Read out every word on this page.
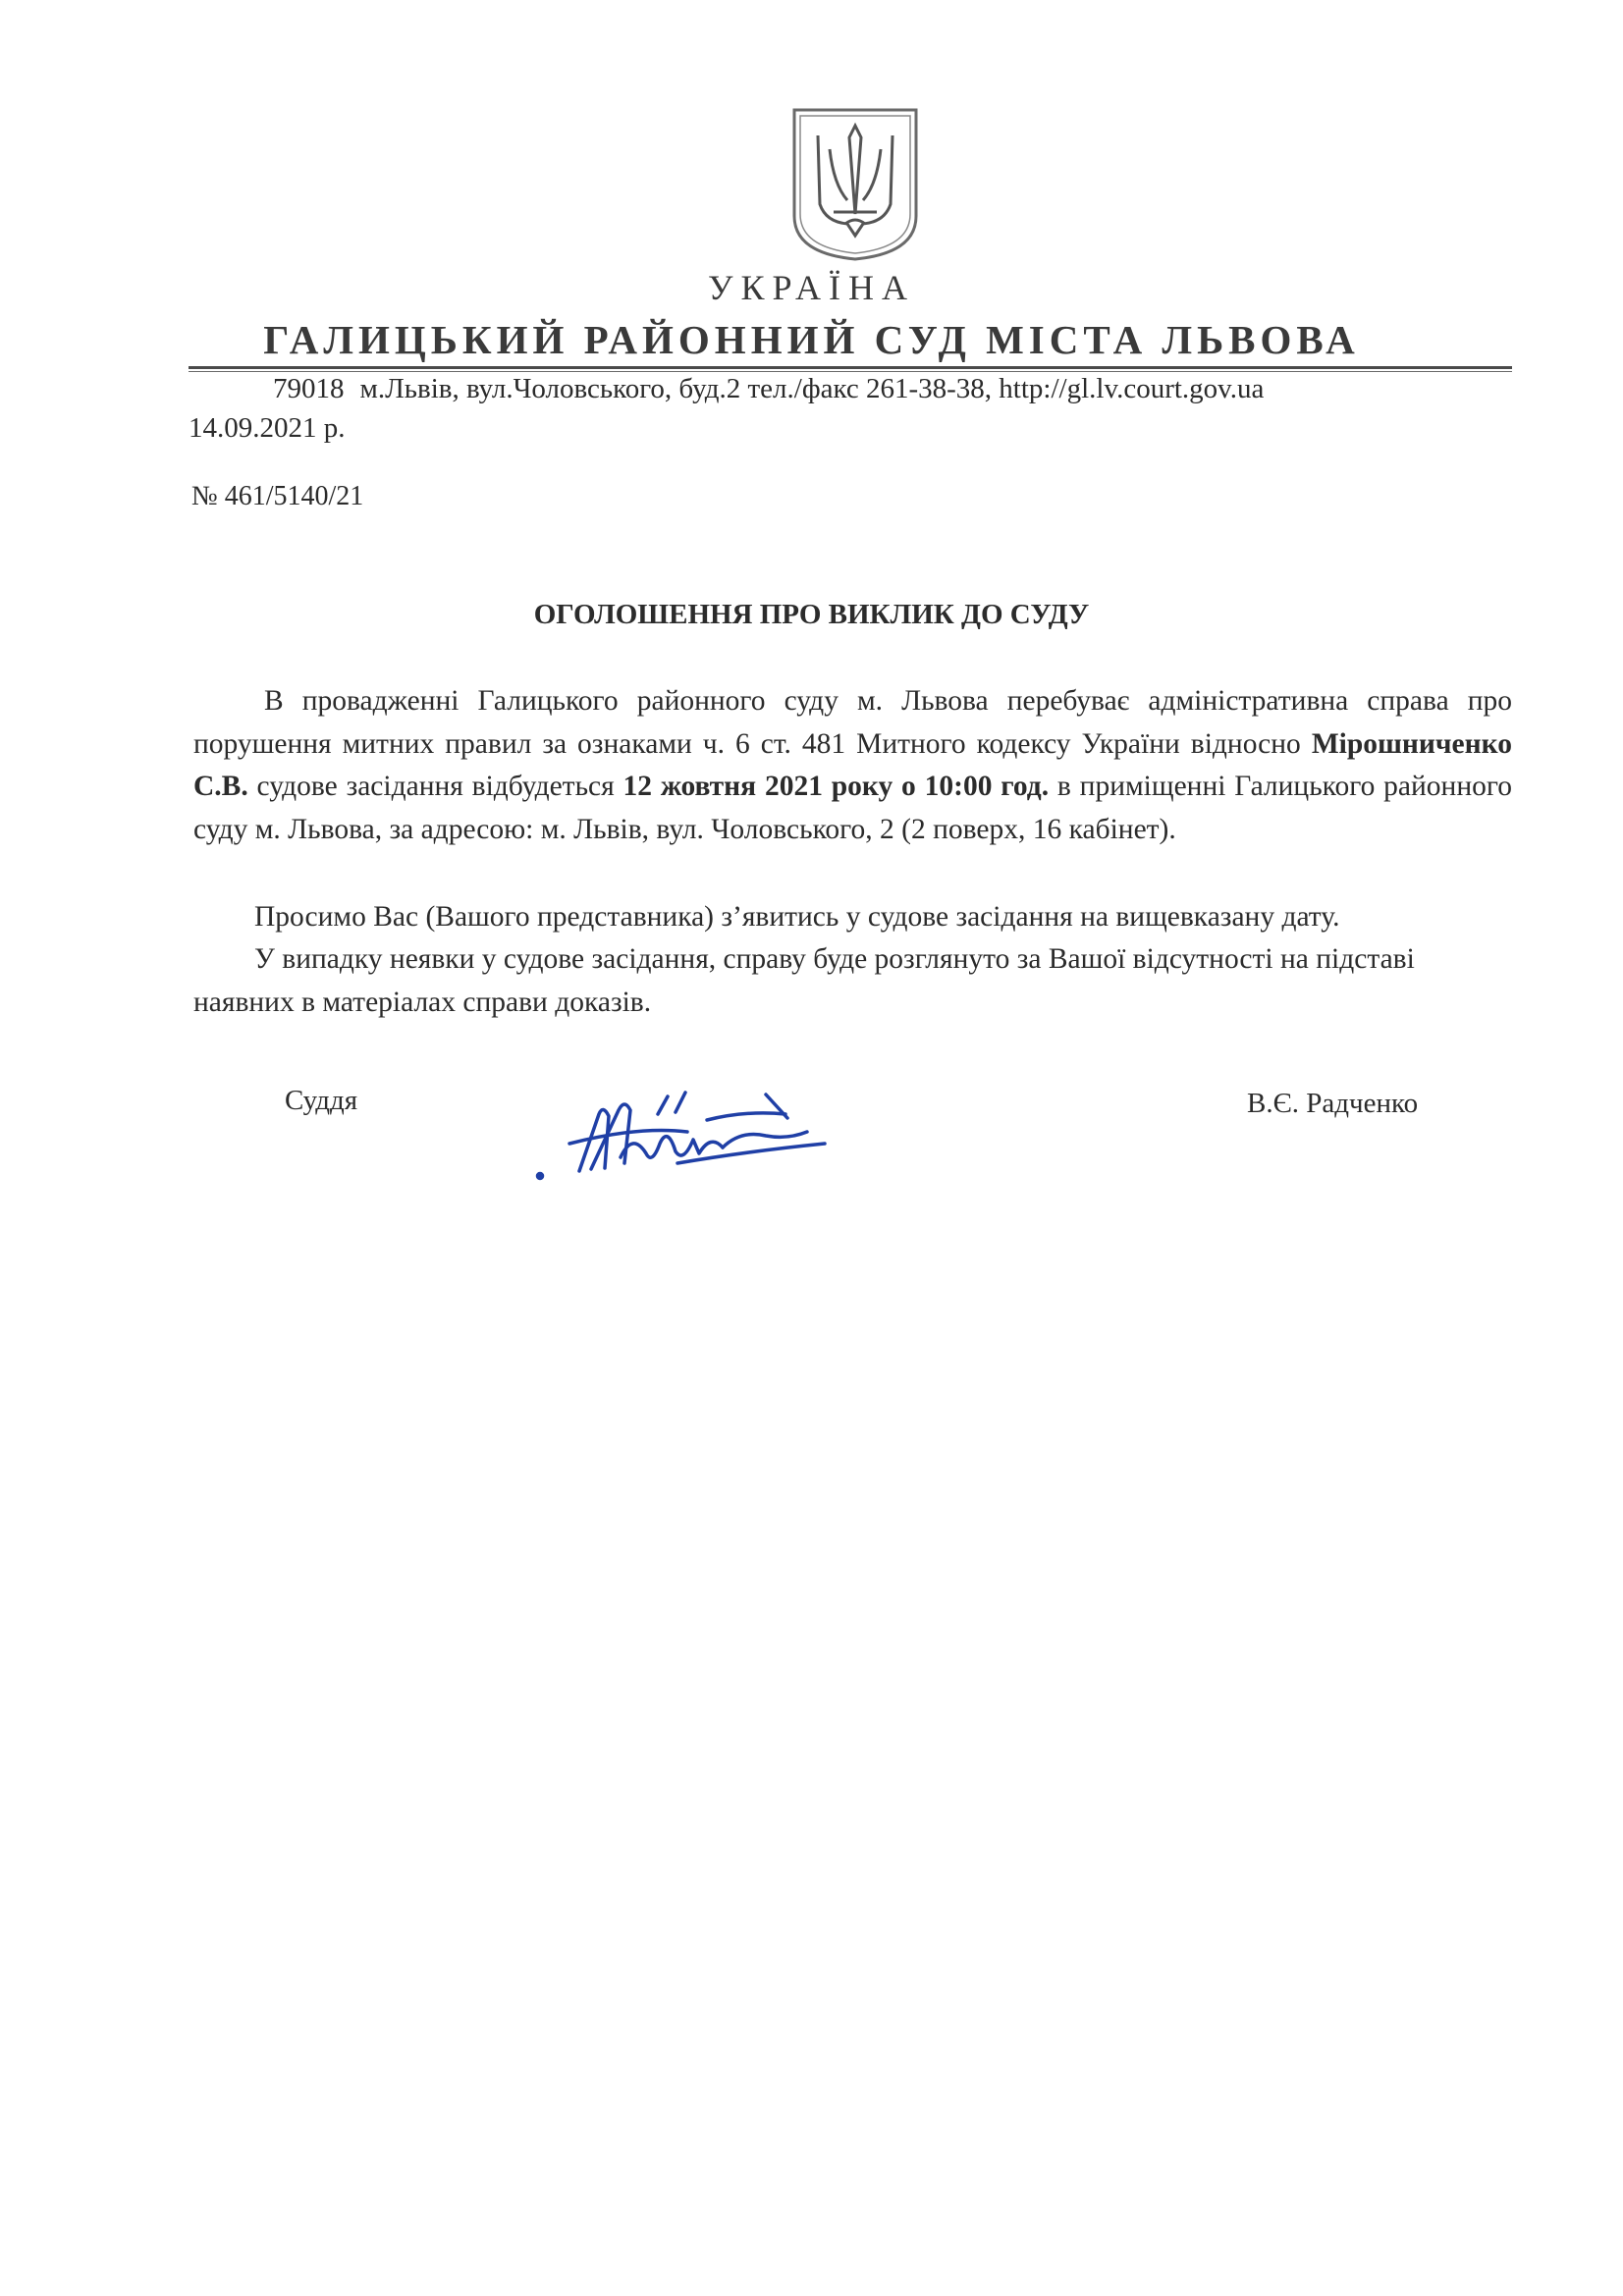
УКРАЇНА
ГАЛИЦЬКИЙ РАЙОННИЙ СУД МІСТА ЛЬВОВА
79018 м.Львів, вул.Чоловського, буд.2 тел./факс 261-38-38, http://gl.lv.court.gov.ua
14.09.2021 р.
№ 461/5140/21
ОГОЛОШЕННЯ ПРО ВИКЛИК ДО СУДУ
В провадженні Галицького районного суду м. Львова перебуває адміністративна справа про порушення митних правил за ознаками ч. 6 ст. 481 Митного кодексу України відносно Мірошниченко С.В. судове засідання відбудеться 12 жовтня 2021 року о 10:00 год. в приміщенні Галицького районного суду м. Львова, за адресою: м. Львів, вул. Чоловського, 2 (2 поверх, 16 кабінет).
Просимо Вас (Вашого представника) з’явитись у судове засідання на вищевказану дату.
У випадку неявки у судове засідання, справу буде розглянуто за Вашої відсутності на підставі наявних в матеріалах справи доказів.
Суддя	В.Є. Радченко
